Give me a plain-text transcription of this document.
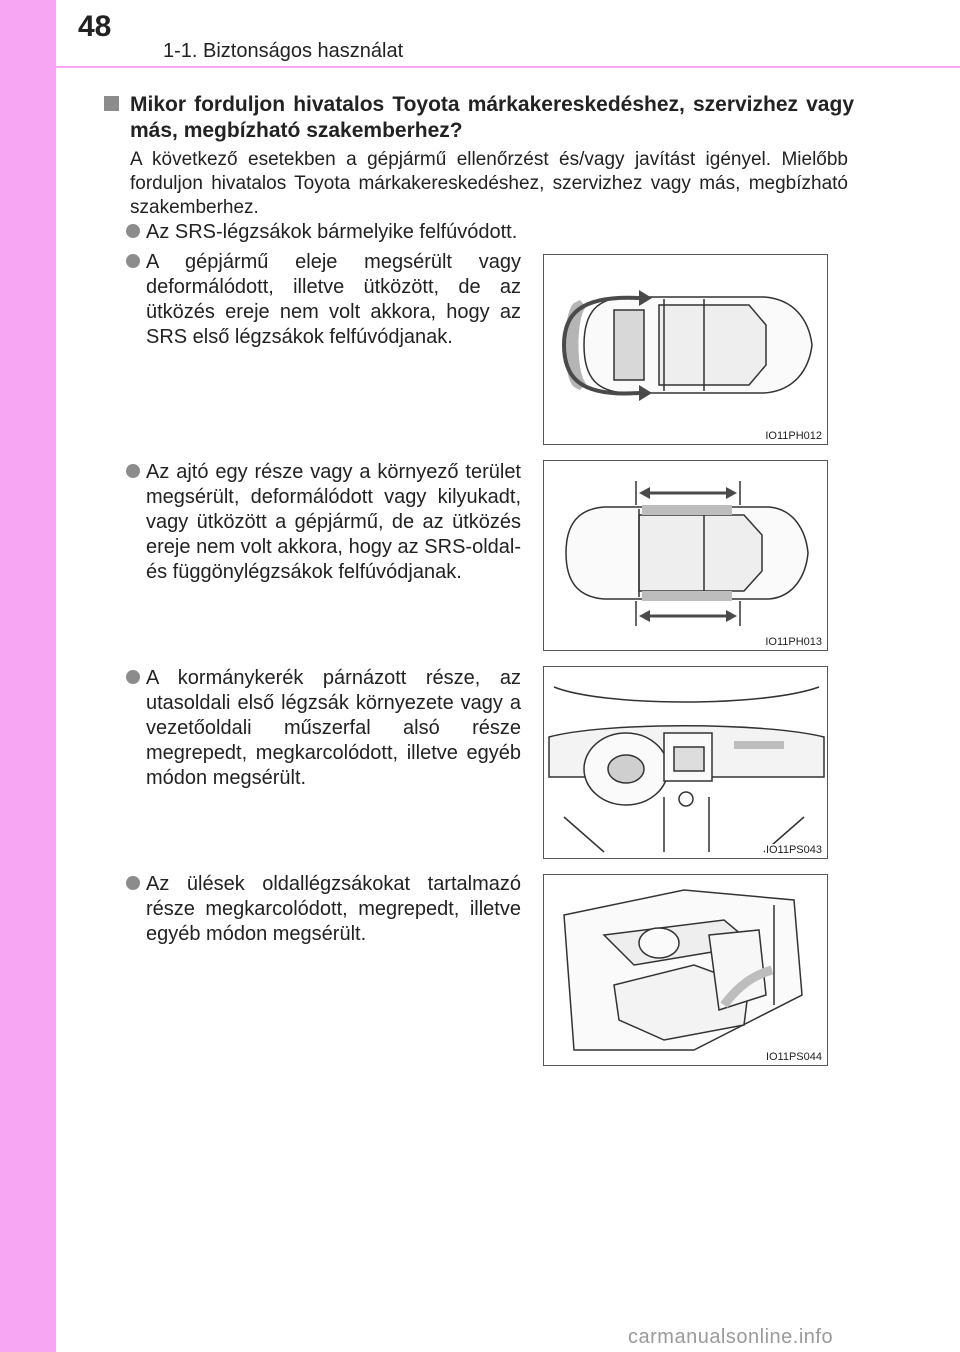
48
1-1. Biztonságos használat
Mikor forduljon hivatalos Toyota márkakereskedéshez, szervizhez vagy más, megbízható szakemberhez?
A következő esetekben a gépjármű ellenőrzést és/vagy javítást igényel. Mielőbb forduljon hivatalos Toyota márkakereskedéshez, szervizhez vagy más, megbízható szakemberhez.
Az SRS-légzsákok bármelyike felfúvódott.
A gépjármű eleje megsérült vagy deformálódott, illetve ütközött, de az ütközés ereje nem volt akkora, hogy az SRS első légzsákok felfúvódjanak.
IO11PH012
Az ajtó egy része vagy a környező terület megsérült, deformálódott vagy kilyukadt, vagy ütközött a gépjármű, de az ütközés ereje nem volt akkora, hogy az SRS-oldal- és függönylégzsákok felfúvódjanak.
IO11PH013
A kormánykerék párnázott része, az utasoldali első légzsák környezete vagy a vezetőoldali műszerfal alsó része megrepedt, megkarcolódott, illetve egyéb módon megsérült.
IO11PS043
Az ülések oldallégzsákokat tartalmazó része megkarcolódott, megrepedt, illetve egyéb módon megsérült.
IO11PS044
carmanualsonline.info
